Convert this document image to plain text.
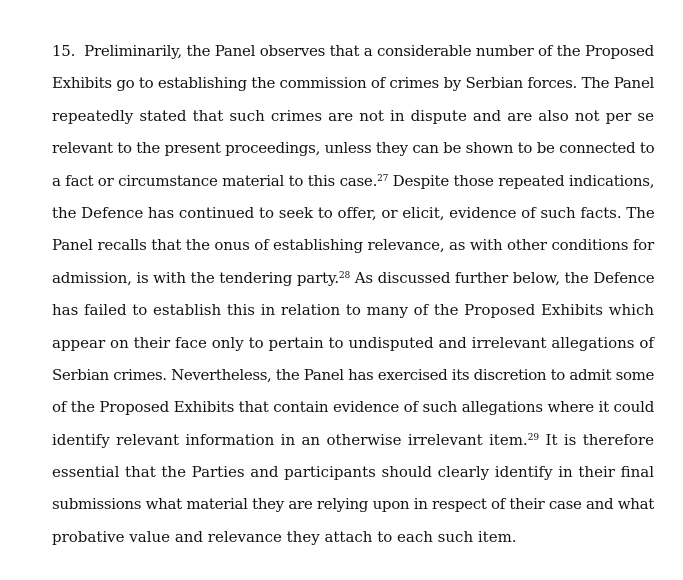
15. Preliminarily, the Panel observes that a considerable number of the Proposed
Exhibits go to establishing the commission of crimes by Serbian forces. The Panel
repeatedly stated that such crimes are not in dispute and are also not per se
relevant to the present proceedings, unless they can be shown to be connected to
a fact or circumstance material to this case.$^{27}$ Despite those repeated indications,
the Defence has continued to seek to offer, or elicit, evidence of such facts. The
Panel recalls that the onus of establishing relevance, as with other conditions for
admission, is with the tendering party.$^{28}$ As discussed further below, the Defence
has failed to establish this in relation to many of the Proposed Exhibits which
appear on their face only to pertain to undisputed and irrelevant allegations of
Serbian crimes. Nevertheless, the Panel has exercised its discretion to admit some
of the Proposed Exhibits that contain evidence of such allegations where it could
identify relevant information in an otherwise irrelevant item.$^{29}$ It is therefore
essential that the Parties and participants should clearly identify in their final
submissions what material they are relying upon in respect of their case and what
probative value and relevance they attach to each such item.
